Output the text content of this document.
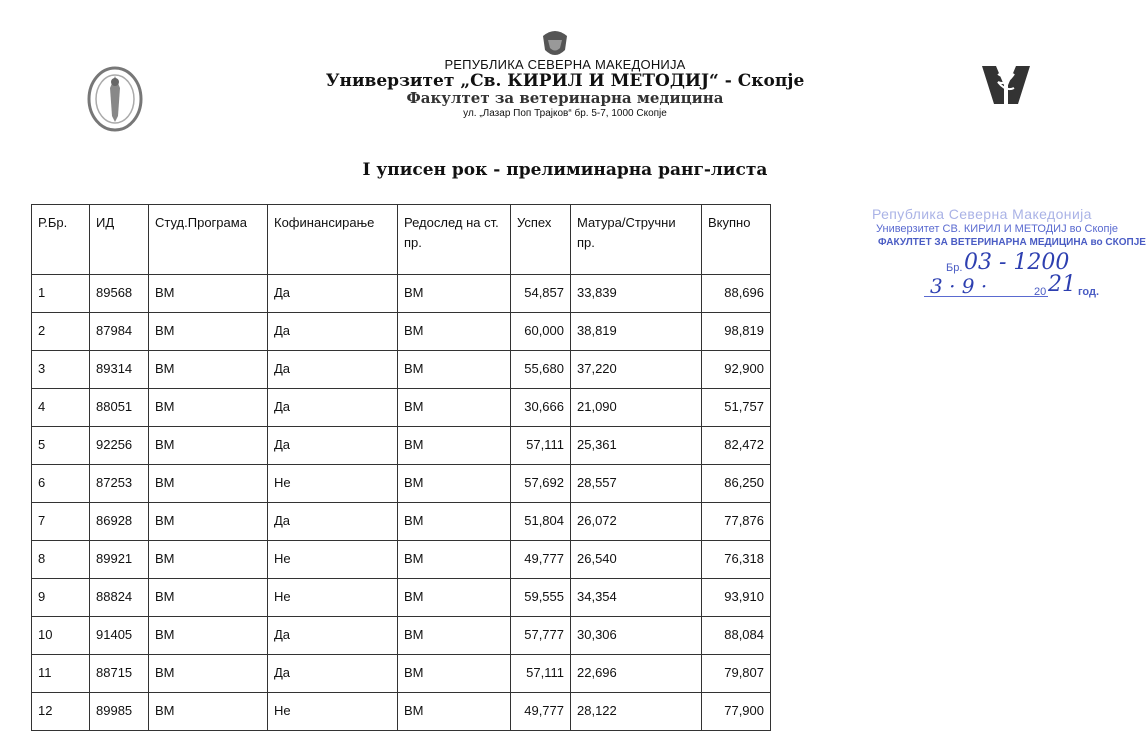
РЕПУБЛИКА СЕВЕРНА МАКЕДОНИЈА
Универзитет „Св. КИРИЛ И МЕТОДИЈ“ - Скопје
Факултет за ветеринарна медицина
ул. „Лазар Поп Трајков“ бр. 5-7, 1000 Скопје
I уписен рок - прелиминарна ранг-листа
Р.Бр.	ИД	Студ.Програма	Кофинансирање	Редослед на ст. пр.	Успех	Матура/Стручни пр.	Вкупно
1	89568	ВМ	Да	ВМ	54,857	33,839	88,696
2	87984	ВМ	Да	ВМ	60,000	38,819	98,819
3	89314	ВМ	Да	ВМ	55,680	37,220	92,900
4	88051	ВМ	Да	ВМ	30,666	21,090	51,757
5	92256	ВМ	Да	ВМ	57,111	25,361	82,472
6	87253	ВМ	Не	ВМ	57,692	28,557	86,250
7	86928	ВМ	Да	ВМ	51,804	26,072	77,876
8	89921	ВМ	Не	ВМ	49,777	26,540	76,318
9	88824	ВМ	Не	ВМ	59,555	34,354	93,910
10	91405	ВМ	Да	ВМ	57,777	30,306	88,084
11	88715	ВМ	Да	ВМ	57,111	22,696	79,807
12	89985	ВМ	Не	ВМ	49,777	28,122	77,900
Република Северна Македонија
Универзитет СВ. КИРИЛ И МЕТОДИЈ во Скопје
ФАКУЛТЕТ ЗА ВЕТЕРИНАРНА МЕДИЦИНА во СКОПЈЕ
Бр. 03 - 1200
3 · 9 ·	20 21 год.
